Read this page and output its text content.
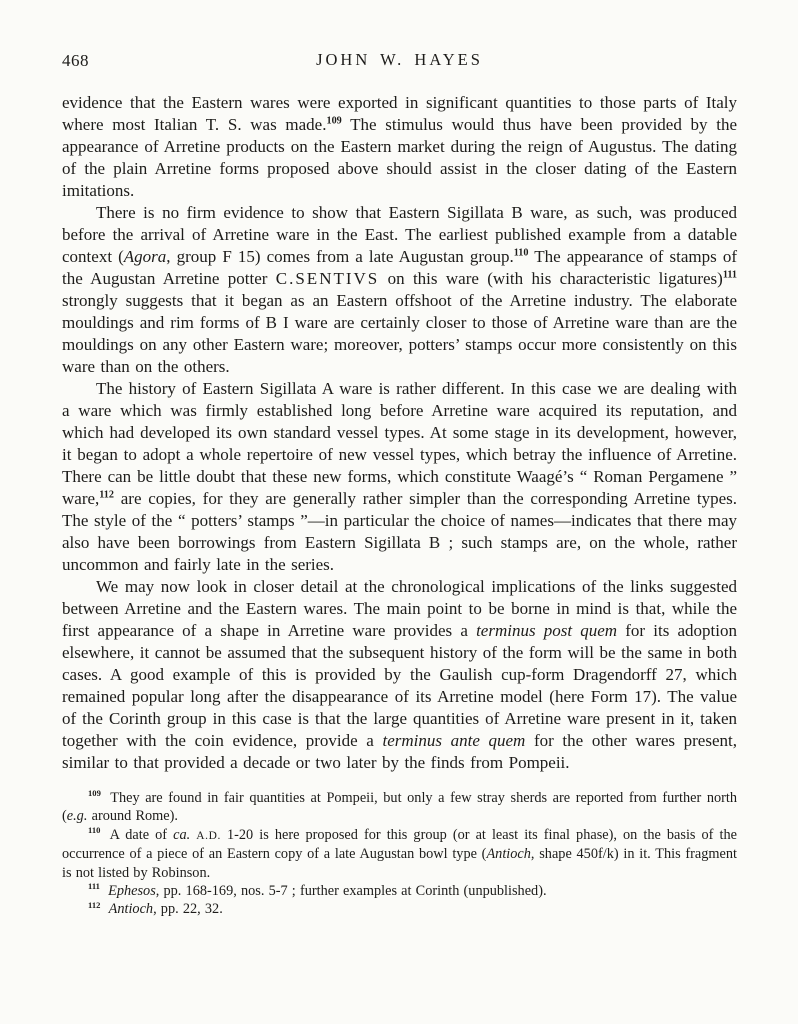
468	JOHN W. HAYES

evidence that the Eastern wares were exported in significant quantities to those parts of Italy where most Italian T. S. was made.$^{109}$ The stimulus would thus have been provided by the appearance of Arretine products on the Eastern market during the reign of Augustus. The dating of the plain Arretine forms proposed above should assist in the closer dating of the Eastern imitations.

There is no firm evidence to show that Eastern Sigillata B ware, as such, was produced before the arrival of Arretine ware in the East. The earliest published example from a datable context (Agora, group F 15) comes from a late Augustan group.$^{110}$ The appearance of stamps of the Augustan Arretine potter C.SENTIVS on this ware (with his characteristic ligatures)$^{111}$ strongly suggests that it began as an Eastern offshoot of the Arretine industry. The elaborate mouldings and rim forms of B I ware are certainly closer to those of Arretine ware than are the mouldings on any other Eastern ware; moreover, potters’ stamps occur more consistently on this ware than on the others.

The history of Eastern Sigillata A ware is rather different. In this case we are dealing with a ware which was firmly established long before Arretine ware acquired its reputation, and which had developed its own standard vessel types. At some stage in its development, however, it began to adopt a whole repertoire of new vessel types, which betray the influence of Arretine. There can be little doubt that these new forms, which constitute Waagé’s “ Roman Pergamene ” ware,$^{112}$ are copies, for they are generally rather simpler than the corresponding Arretine types. The style of the “ potters’ stamps ”—in particular the choice of names—indicates that there may also have been borrowings from Eastern Sigillata B ; such stamps are, on the whole, rather uncommon and fairly late in the series.

We may now look in closer detail at the chronological implications of the links suggested between Arretine and the Eastern wares. The main point to be borne in mind is that, while the first appearance of a shape in Arretine ware provides a terminus post quem for its adoption elsewhere, it cannot be assumed that the subsequent history of the form will be the same in both cases. A good example of this is provided by the Gaulish cup-form Dragendorff 27, which remained popular long after the disappearance of its Arretine model (here Form 17). The value of the Corinth group in this case is that the large quantities of Arretine ware present in it, taken together with the coin evidence, provide a terminus ante quem for the other wares present, similar to that provided a decade or two later by the finds from Pompeii.

$^{109}$ They are found in fair quantities at Pompeii, but only a few stray sherds are reported from further north (e.g. around Rome).

$^{110}$ A date of ca. A.D. 1-20 is here proposed for this group (or at least its final phase), on the basis of the occurrence of a piece of an Eastern copy of a late Augustan bowl type (Antioch, shape 450f/k) in it. This fragment is not listed by Robinson.

$^{111}$ Ephesos, pp. 168-169, nos. 5-7 ; further examples at Corinth (unpublished).

$^{112}$ Antioch, pp. 22, 32.
